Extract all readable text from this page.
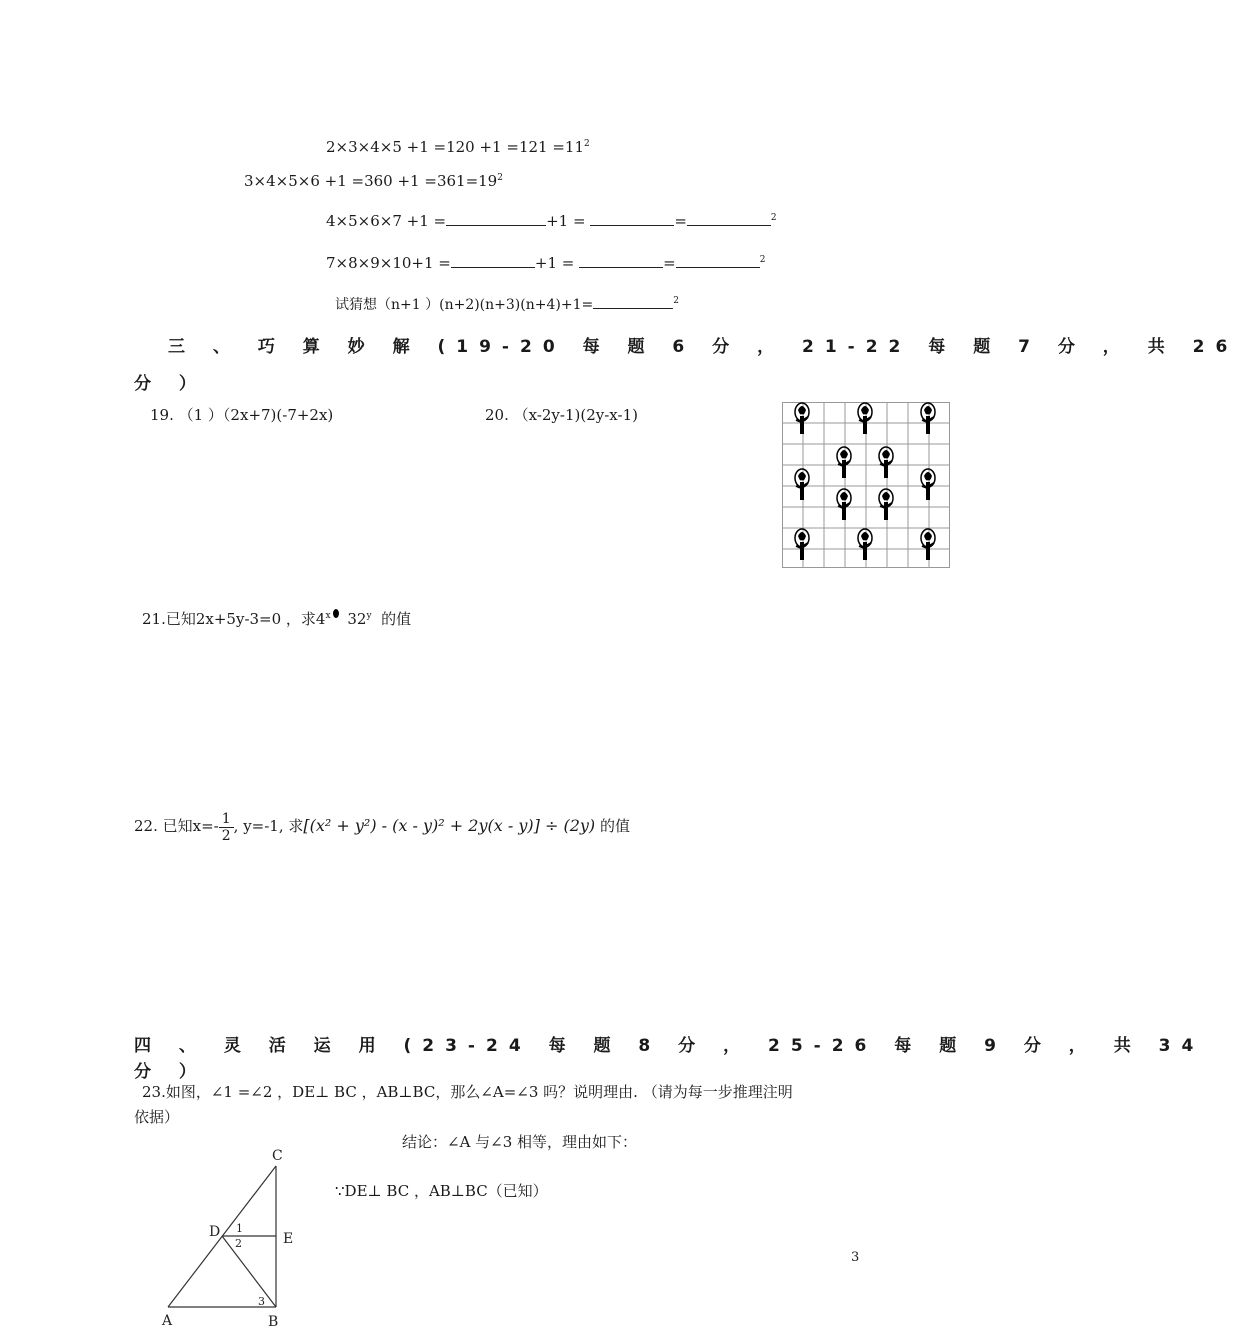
$2\times 3\times 4\times 5 +1 =120 +1 =121 =11^2$
$3\times 4\times 5\times 6 +1 =360 +1 =361=19^2$
4×5×6×7 +1 =	+1 =	=	$^2$
7×8×9×10+1 =	+1 =	=	$^2$
试猜想（n+1 ）(n+2)(n+3)(n+4)+1=	$^2$
三 、 巧 算 妙 解 (19-20 每 题 6 分 ， 21-22 每 题 7 分 ， 共 26
分 ）
19. （1 ）（2x+7)(-7+2x)	20. （x-2y-1)(2y-x-1)
21.已知2x+5y-3=0 ，求4$^x$ 32$^y$ 的值
22. 已知$x=- \frac{1}{2}$ , y=-1, 求[(x² + y²) - (x - y)² + 2y(x - y)] ÷ (2y) 的值
四 、 灵 活 运 用 (23-24 每 题 8 分 ， 25-26 每 题 9 分 ， 共 34
分 ）
23.如图，∠1 =∠2 ，DE⊥ BC ，AB⊥BC，那么∠A=∠3 吗？说明理由. （请为每一步推理注明
依据）
结论：∠A 与∠3 相等，理由如下：
∵DE⊥ BC ，AB⊥BC（已知）
C
D	E
A	B
1
2
3
3
